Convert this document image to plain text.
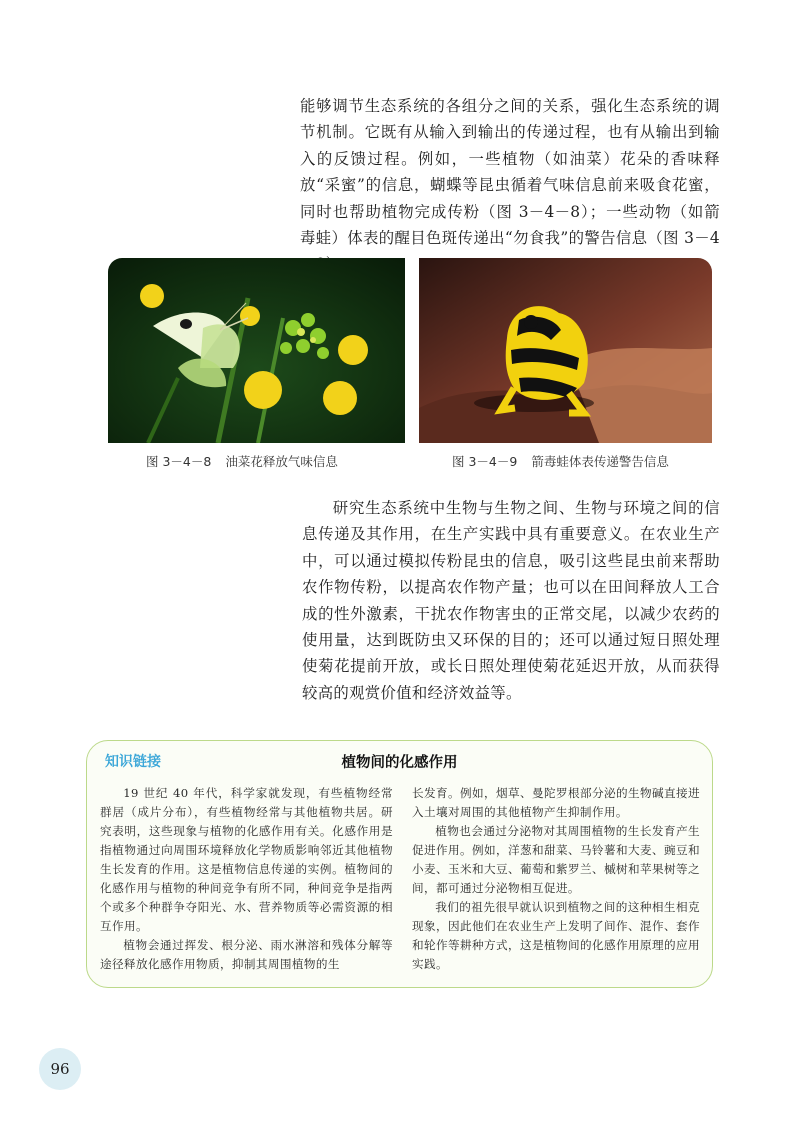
能够调节生态系统的各组分之间的关系，强化生态系统的调节机制。它既有从输入到输出的传递过程，也有从输出到输入的反馈过程。例如，一些植物（如油菜）花朵的香味释放“采蜜”的信息，蝴蝶等昆虫循着气味信息前来吸食花蜜，同时也帮助植物完成传粉（图 3－4－8）；一些动物（如箭毒蛙）体表的醒目色斑传递出“勿食我”的警告信息（图 3－4

图 3－4－8 油菜花释放气味信息	图 3－4－9 箭毒蛙体表传递警告信息

研究生态系统中生物与生物之间、生物与环境之间的信息传递及其作用，在生产实践中具有重要意义。在农业生产中，可以通过模拟传粉昆虫的信息，吸引这些昆虫前来帮助农作物传粉，以提高农作物产量；也可以在田间释放人工合成的性外激素，干扰农作物害虫的正常交尾，以减少农药的使用量，达到既防虫又环保的目的；还可以通过短日照处理使菊花提前开放，或长日照处理使菊花延迟开放，从而获得较高的观赏价值和经济效益等。

知识链接	植物间的化感作用

19 世纪 40 年代，科学家就发现，有些植物经常群居（成片分布），有些植物经常与其他植物共居。研究表明，这些现象与植物的化感作用有关。化感作用是指植物通过向周围环境释放化学物质影响邻近其他植物生长发育的作用。这是植物信息传递的实例。植物间的化感作用与植物的种间竞争有所不同，种间竞争是指两个或多个种群争夺阳光、水、营养物质等必需资源的相互作用。

植物会通过挥发、根分泌、雨水淋溶和残体分解等途径释放化感作用物质，抑制其周围植物的生

长发育。例如，烟草、曼陀罗根部分泌的生物碱直接进入土壤对周围的其他植物产生抑制作用。

植物也会通过分泌物对其周围植物的生长发育产生促进作用。例如，洋葱和甜菜、马铃薯和大麦、豌豆和小麦、玉米和大豆、葡萄和紫罗兰、槭树和苹果树等之间，都可通过分泌物相互促进。

我们的祖先很早就认识到植物之间的这种相生相克现象，因此他们在农业生产上发明了间作、混作、套作和轮作等耕种方式，这是植物间的化感作用原理的应用实践。

96
